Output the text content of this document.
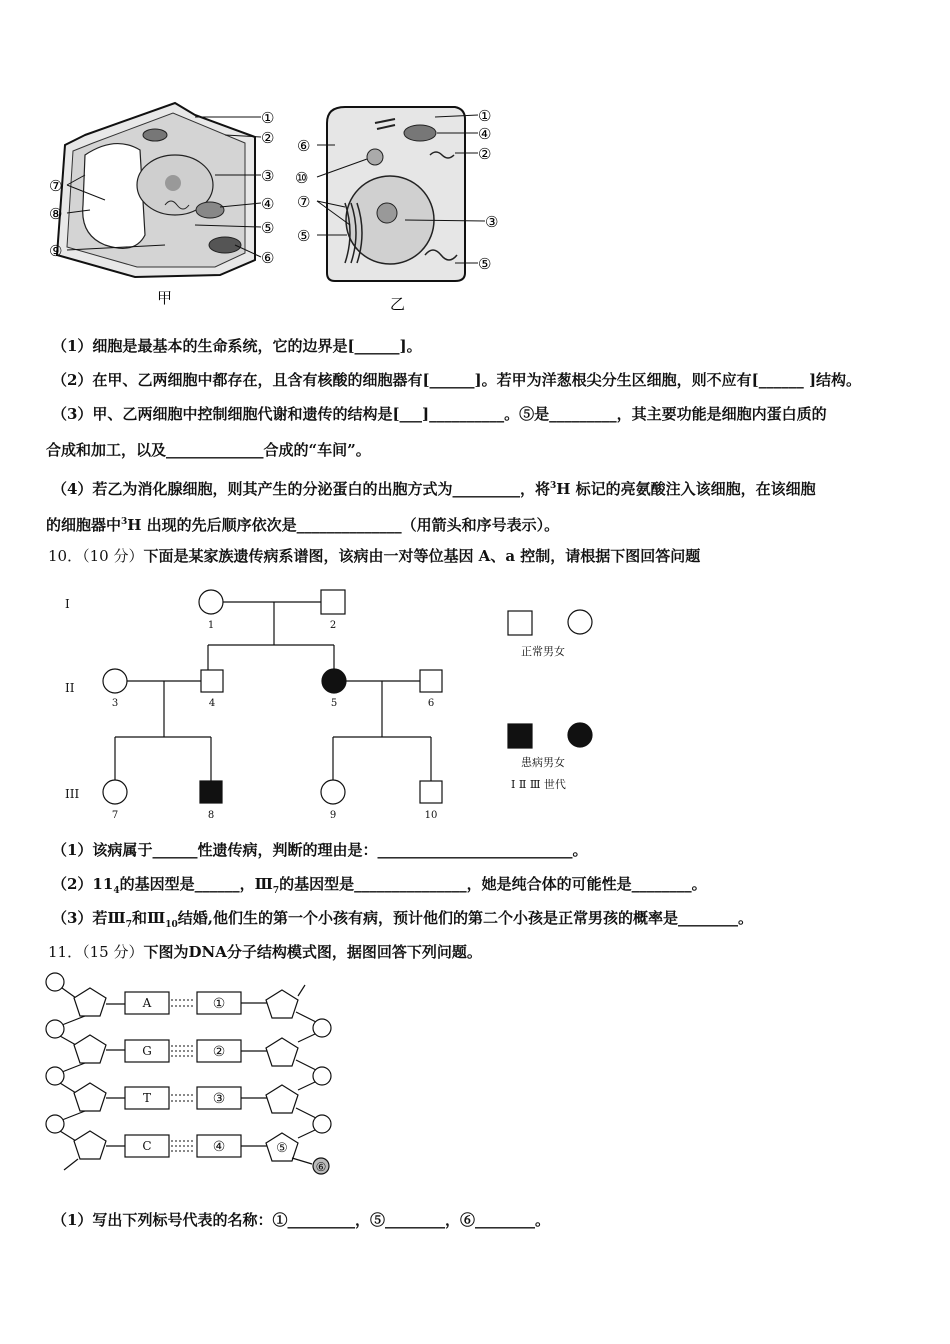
甲
①
②
③
④
⑤
⑥
⑦
⑧
⑨
乙
①
④
②
③
⑤
⑥
⑩
⑦
⑤
（1）细胞是最基本的生命系统，它的边界是[______]。
（2）在甲、乙两细胞中都存在，且含有核酸的细胞器有[______]。若甲为洋葱根尖分生区细胞，则不应有[______ ]结构。
（3）甲、乙两细胞中控制细胞代谢和遗传的结构是[___]__________。⑤是_________，其主要功能是细胞内蛋白质的
合成和加工，以及_____________合成的“车间”。
（4）若乙为消化腺细胞，则其产生的分泌蛋白的出胞方式为_________，将$^3$H 标记的亮氨酸注入该细胞，在该细胞
的细胞器中$^3$H 出现的先后顺序依次是______________（用箭头和序号表示）。
10．（10 分）下面是某家族遗传病系谱图，该病由一对等位基因 A、a 控制，请根据下图回答问题
I
II
III
1	2
3	4	5	6
7	8	9	10
正常男女
患病男女
Ⅰ Ⅱ Ⅲ 世代
（1）该病属于______性遗传病，判断的理由是：__________________________。
$(2)11_4$的基因型是______，$Ⅲ_7$的基因型是_______________，她是纯合体的可能性是________。
（3）若$Ⅲ_7$和$Ⅲ_{10}$结婚,他们生的第一个小孩有病，预计他们的第二个小孩是正常男孩的概率是________。
11．（15 分）下图为DNA分子结构模式图，据图回答下列问题。
A
G
T
C
①
②
③
④	⑤
⑥
（1）写出下列标号代表的名称：①_________，⑤________，⑥________。
